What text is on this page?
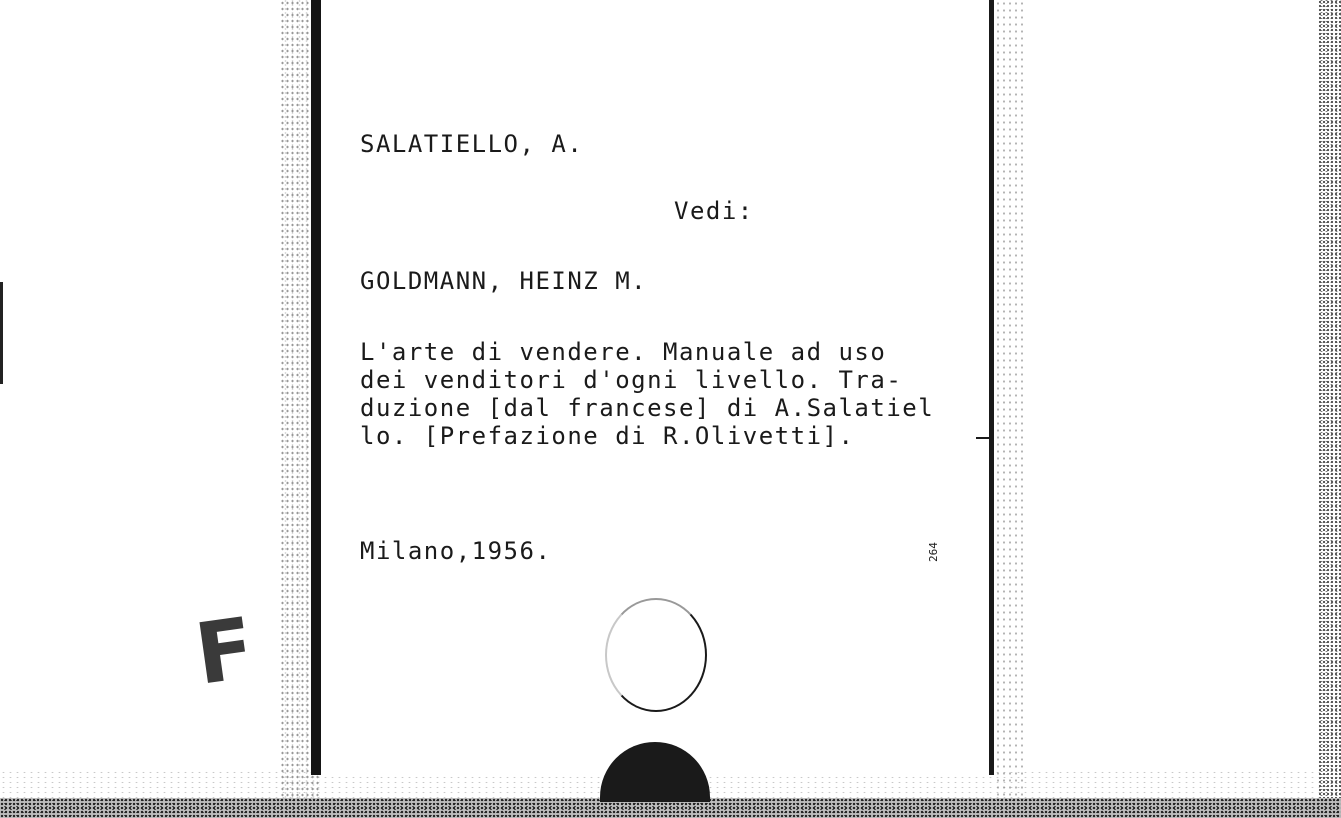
SALATIELLO, A.
Vedi:
GOLDMANN, HEINZ M.
L'arte di vendere. Manuale ad uso
dei venditori d'ogni livello. Tra-
duzione [dal francese] di A.Salatiel
lo. [Prefazione di R.Olivetti].
Milano,1956.	264
F
